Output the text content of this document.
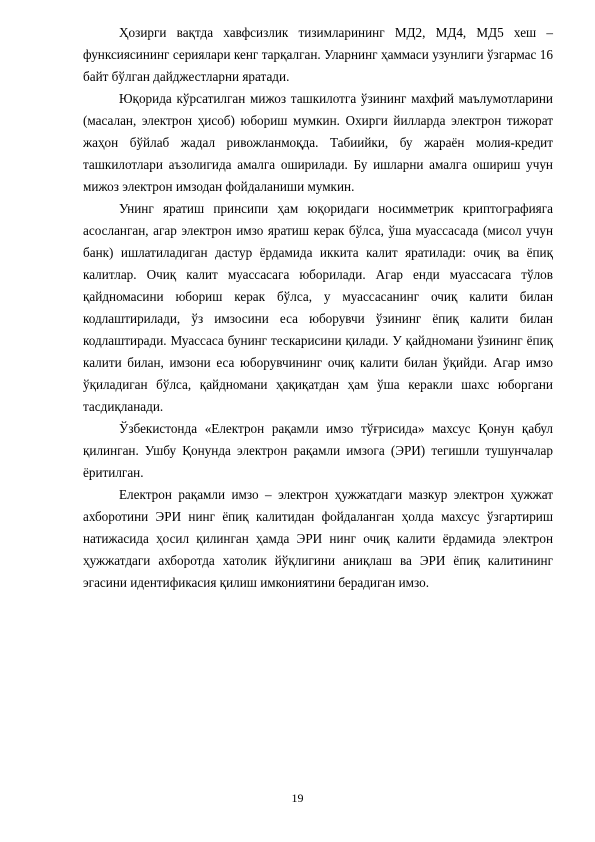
Ҳозирги вақтда хавфсизлик тизимларининг МД2, МД4, МД5 хеш – функсиясининг сериялари кенг тарқалган. Уларнинг ҳаммаси узунлиги ўзгармас 16 байт бўлган дайджестларни яратади.

Юқорида кўрсатилган мижоз ташкилотга ўзининг махфий маълумотларини (масалан, электрон ҳисоб) юбориш мумкин. Охирги йилларда электрон тижорат жаҳон бўйлаб жадал ривожланмоқда. Табиийки, бу жараён молия-кредит ташкилотлари аъзолигида амалга оширилади. Бу ишларни амалга ошириш учун мижоз электрон имзодан фойдаланиши мумкин.

Унинг яратиш принсипи ҳам юқоридаги носимметрик криптографияга асосланган, агар электрон имзо яратиш керак бўлса, ўша муассасада (мисол учун банк) ишлатиладиган дастур ёрдамида иккита калит яратилади: очиқ ва ёпиқ калитлар. Очиқ калит муассасага юборилади. Агар енди муассасага тўлов қайдномасини юбориш керак бўлса, у муассасанинг очиқ калити билан кодлаштирилади, ўз имзосини еса юборувчи ўзининг ёпиқ калити билан кодлаштиради. Муассаса бунинг тескарисини қилади. У қайдномани ўзининг ёпиқ калити билан, имзони еса юборувчининг очиқ калити билан ўқийди. Агар имзо ўқиладиган бўлса, қайдномани ҳақиқатдан ҳам ўша керакли шахс юборгани тасдиқланади.

Ўзбекистонда «Електрон рақамли имзо тўғрисида» махсус Қонун қабул қилинган. Ушбу Қонунда электрон рақамли имзога (ЭРИ) тегишли тушунчалар ёритилган.

Електрон рақамли имзо – электрон ҳужжатдаги мазкур электрон ҳужжат ахборотини ЭРИ нинг ёпиқ калитидан фойдаланган ҳолда махсус ўзгартириш натижасида ҳосил қилинган ҳамда ЭРИ нинг очиқ калити ёрдамида электрон ҳужжатдаги ахборотда хатолик йўқлигини аниқлаш ва ЭРИ ёпиқ калитининг эгасини идентификасия қилиш имкониятини берадиган имзо.

19
